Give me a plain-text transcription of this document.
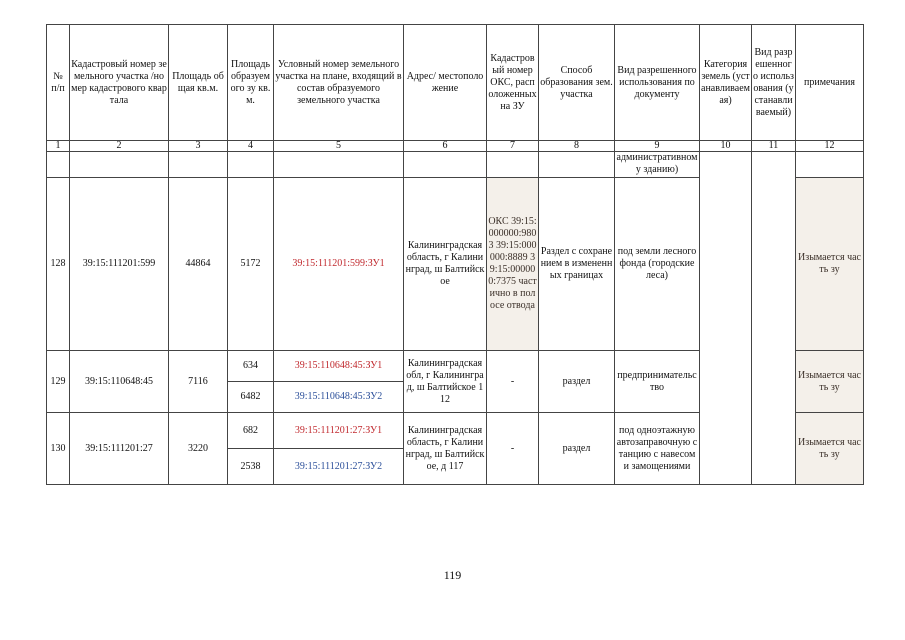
№ п/п	Кадастровый номер земельного участка /номер кадастрового квартала	Площадь общая кв.м.	Площадь образуемого зу кв.м.	Условный номер земельного участка на плане, входящий в состав образуемого земельного участка	Адрес/ местоположение	Кадастровый номер ОКС, расположенных на ЗУ	Способ образования зем. участка	Вид разрешенного использования по документу	Категория земель (устанавливаемая)	Вид разрешенного использования (устанавливаемый)	примечания
1	2	3	4	5	6	7	8	9	10	11	12
								административному зданию)			
128	39:15:111201:599	44864	5172	39:15:111201:599:ЗУ1	Калининградская область, г Калининград, ш Балтийское	ОКС 39:15:000000:9803 39:15:000000:8889 39:15:000000:7375 частично в полосе отвода	Раздел с сохранением в измененных границах	под земли лесного фонда (городские леса)			Изымается часть зу
129	39:15:110648:45	7116	634	39:15:110648:45:ЗУ1	Калининградская обл, г Калининград, ш Балтийское 112	-	раздел	предпринимательство			Изымается часть зу
			6482	39:15:110648:45:ЗУ2							
130	39:15:111201:27	3220	682	39:15:111201:27:ЗУ1	Калининградская область, г Калининград, ш Балтийское, д 117	-	раздел	под одноэтажную автозаправочную станцию с навесом и замощениями			Изымается часть зу
			2538	39:15:111201:27:ЗУ2							
119
